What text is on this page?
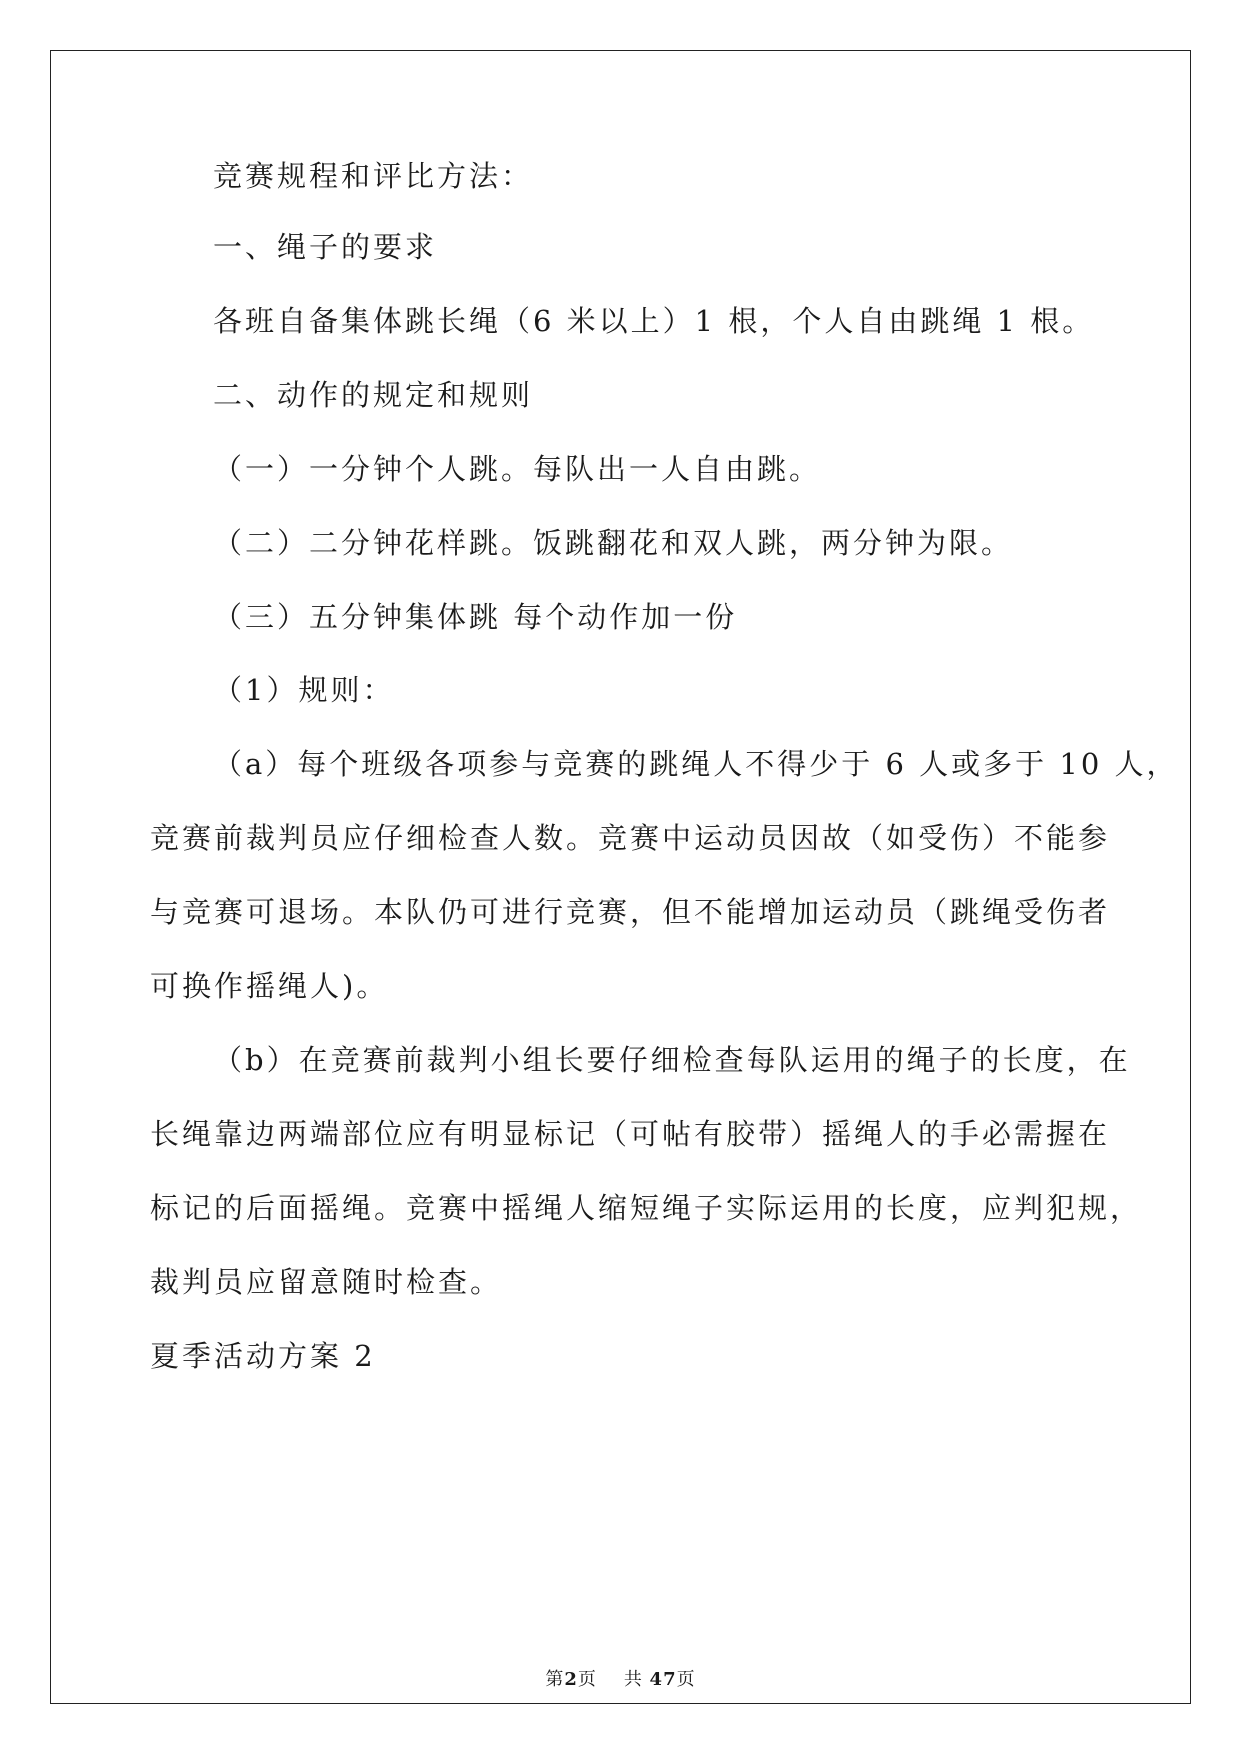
竞赛规程和评比方法：
一、绳子的要求
各班自备集体跳长绳（6 米以上）1 根，个人自由跳绳 1 根。
二、动作的规定和规则
（一）一分钟个人跳。每队出一人自由跳。
（二）二分钟花样跳。饭跳翻花和双人跳，两分钟为限。
（三）五分钟集体跳 每个动作加一份
（1）规则：
（a）每个班级各项参与竞赛的跳绳人不得少于 6 人或多于 10 人，
竞赛前裁判员应仔细检查人数。竞赛中运动员因故（如受伤）不能参
与竞赛可退场。本队仍可进行竞赛，但不能增加运动员（跳绳受伤者
可换作摇绳人)。
（b）在竞赛前裁判小组长要仔细检查每队运用的绳子的长度，在
长绳靠边两端部位应有明显标记（可帖有胶带）摇绳人的手必需握在
标记的后面摇绳。竞赛中摇绳人缩短绳子实际运用的长度，应判犯规，
裁判员应留意随时检查。
夏季活动方案 2
第2页 共 47页
